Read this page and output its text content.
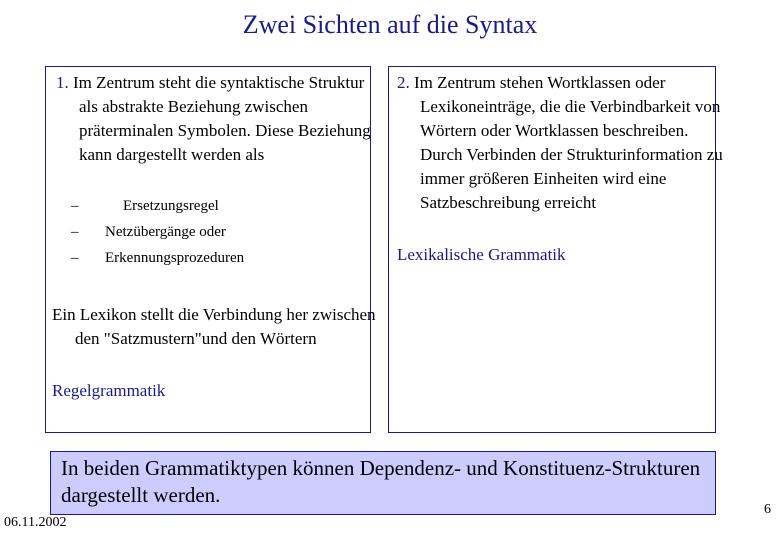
Zwei Sichten auf die Syntax

1. Im Zentrum steht die syntaktische Struktur als abstrakte Beziehung zwischen präterminalen Symbolen. Diese Beziehung kann dargestellt werden als

–	Ersetzungsregel
– Netzübergänge oder
– Erkennungsprozeduren

Ein Lexikon stellt die Verbindung her zwischen den "Satzmustern"und den Wörtern

Regelgrammatik

2. Im Zentrum stehen Wortklassen oder Lexikoneinträge, die die Verbindbarkeit von Wörtern oder Wortklassen beschreiben. Durch Verbinden der Strukturinformation zu immer größeren Einheiten wird eine Satzbeschreibung erreicht

Lexikalische Grammatik
In beiden Grammatiktypen können Dependenz- und Konstituenz-Strukturen dargestellt werden.
06.11.2002
6
